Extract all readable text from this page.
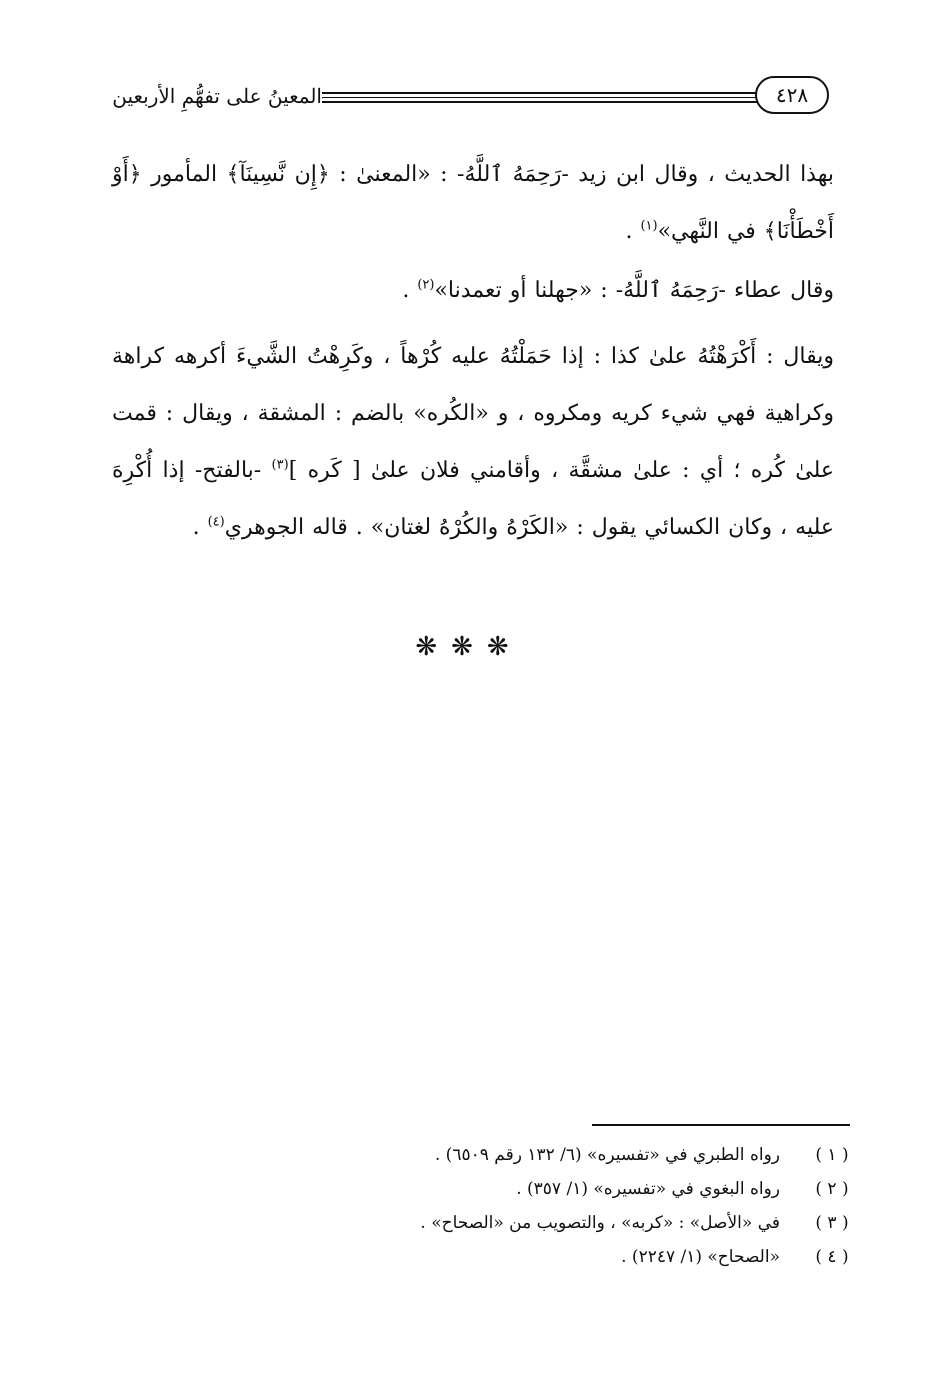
المعينُ على تفهُّمِ الأربعين	٤٢٨
بهذا الحديث ، وقال ابن زيد -رَحِمَهُ ٱللَّهُ- : «المعنىٰ : ﴿إِن نَّسِينَآ﴾ المأمور ﴿أَوْ أَخْطَأْنَا﴾ في النَّهي»$^{(١)}$ .
وقال عطاء -رَحِمَهُ ٱللَّهُ- : «جهلنا أو تعمدنا»$^{(٢)}$ .
ويقال : أَكْرَهْتُهُ علىٰ كذا : إذا حَمَلْتُهُ عليه كُرْهاً ، وكَرِهْتُ الشَّيءَ أكرهه كراهة وكراهية فهي شيء كريه ومكروه ، و «الكُره» بالضم : المشقة ، ويقال : قمت علىٰ كُره ؛ أي : علىٰ مشقَّة ، وأقامني فلان علىٰ [ كَره ]$^{(٣)}$ -بالفتح- إذا أُكْرِهَ عليه ، وكان الكسائي يقول : «الكَرْهُ والكُرْهُ لغتان» . قاله الجوهري$^{(٤)}$ .
❋❋❋
( ١ )
رواه الطبري في «تفسيره» (٦/ ١٣٢ رقم ٦٥٠٩) .
( ٢ )
رواه البغوي في «تفسيره» (١/ ٣٥٧) .
( ٣ )
في «الأصل» : «كربه» ، والتصويب من «الصحاح» .
( ٤ )
«الصحاح» (١/ ٢٢٤٧) .
